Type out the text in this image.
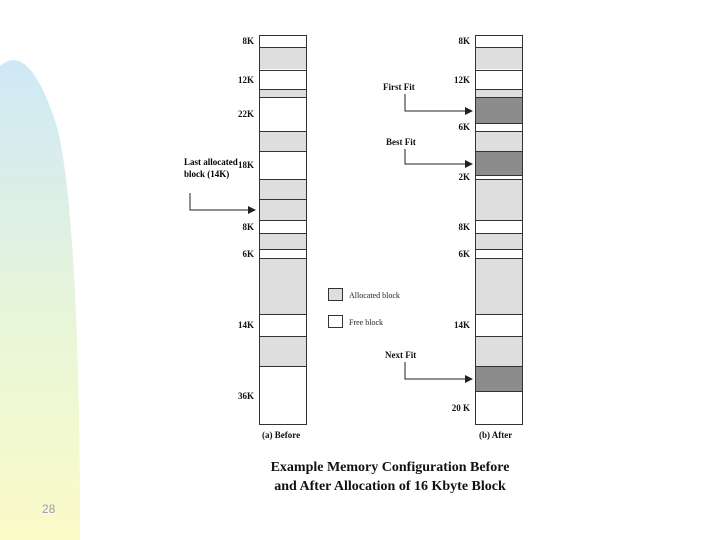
28
(a) Before	(b) After
8K
12K
22K
18K
8K
6K
14K
36K
8K
12K
6K
2K
8K
6K
14K
20 K
Last allocated block (14K)
First Fit
Best Fit
Next Fit
Allocated block
Free block
Example Memory Configuration Before
and After Allocation of 16 Kbyte Block
